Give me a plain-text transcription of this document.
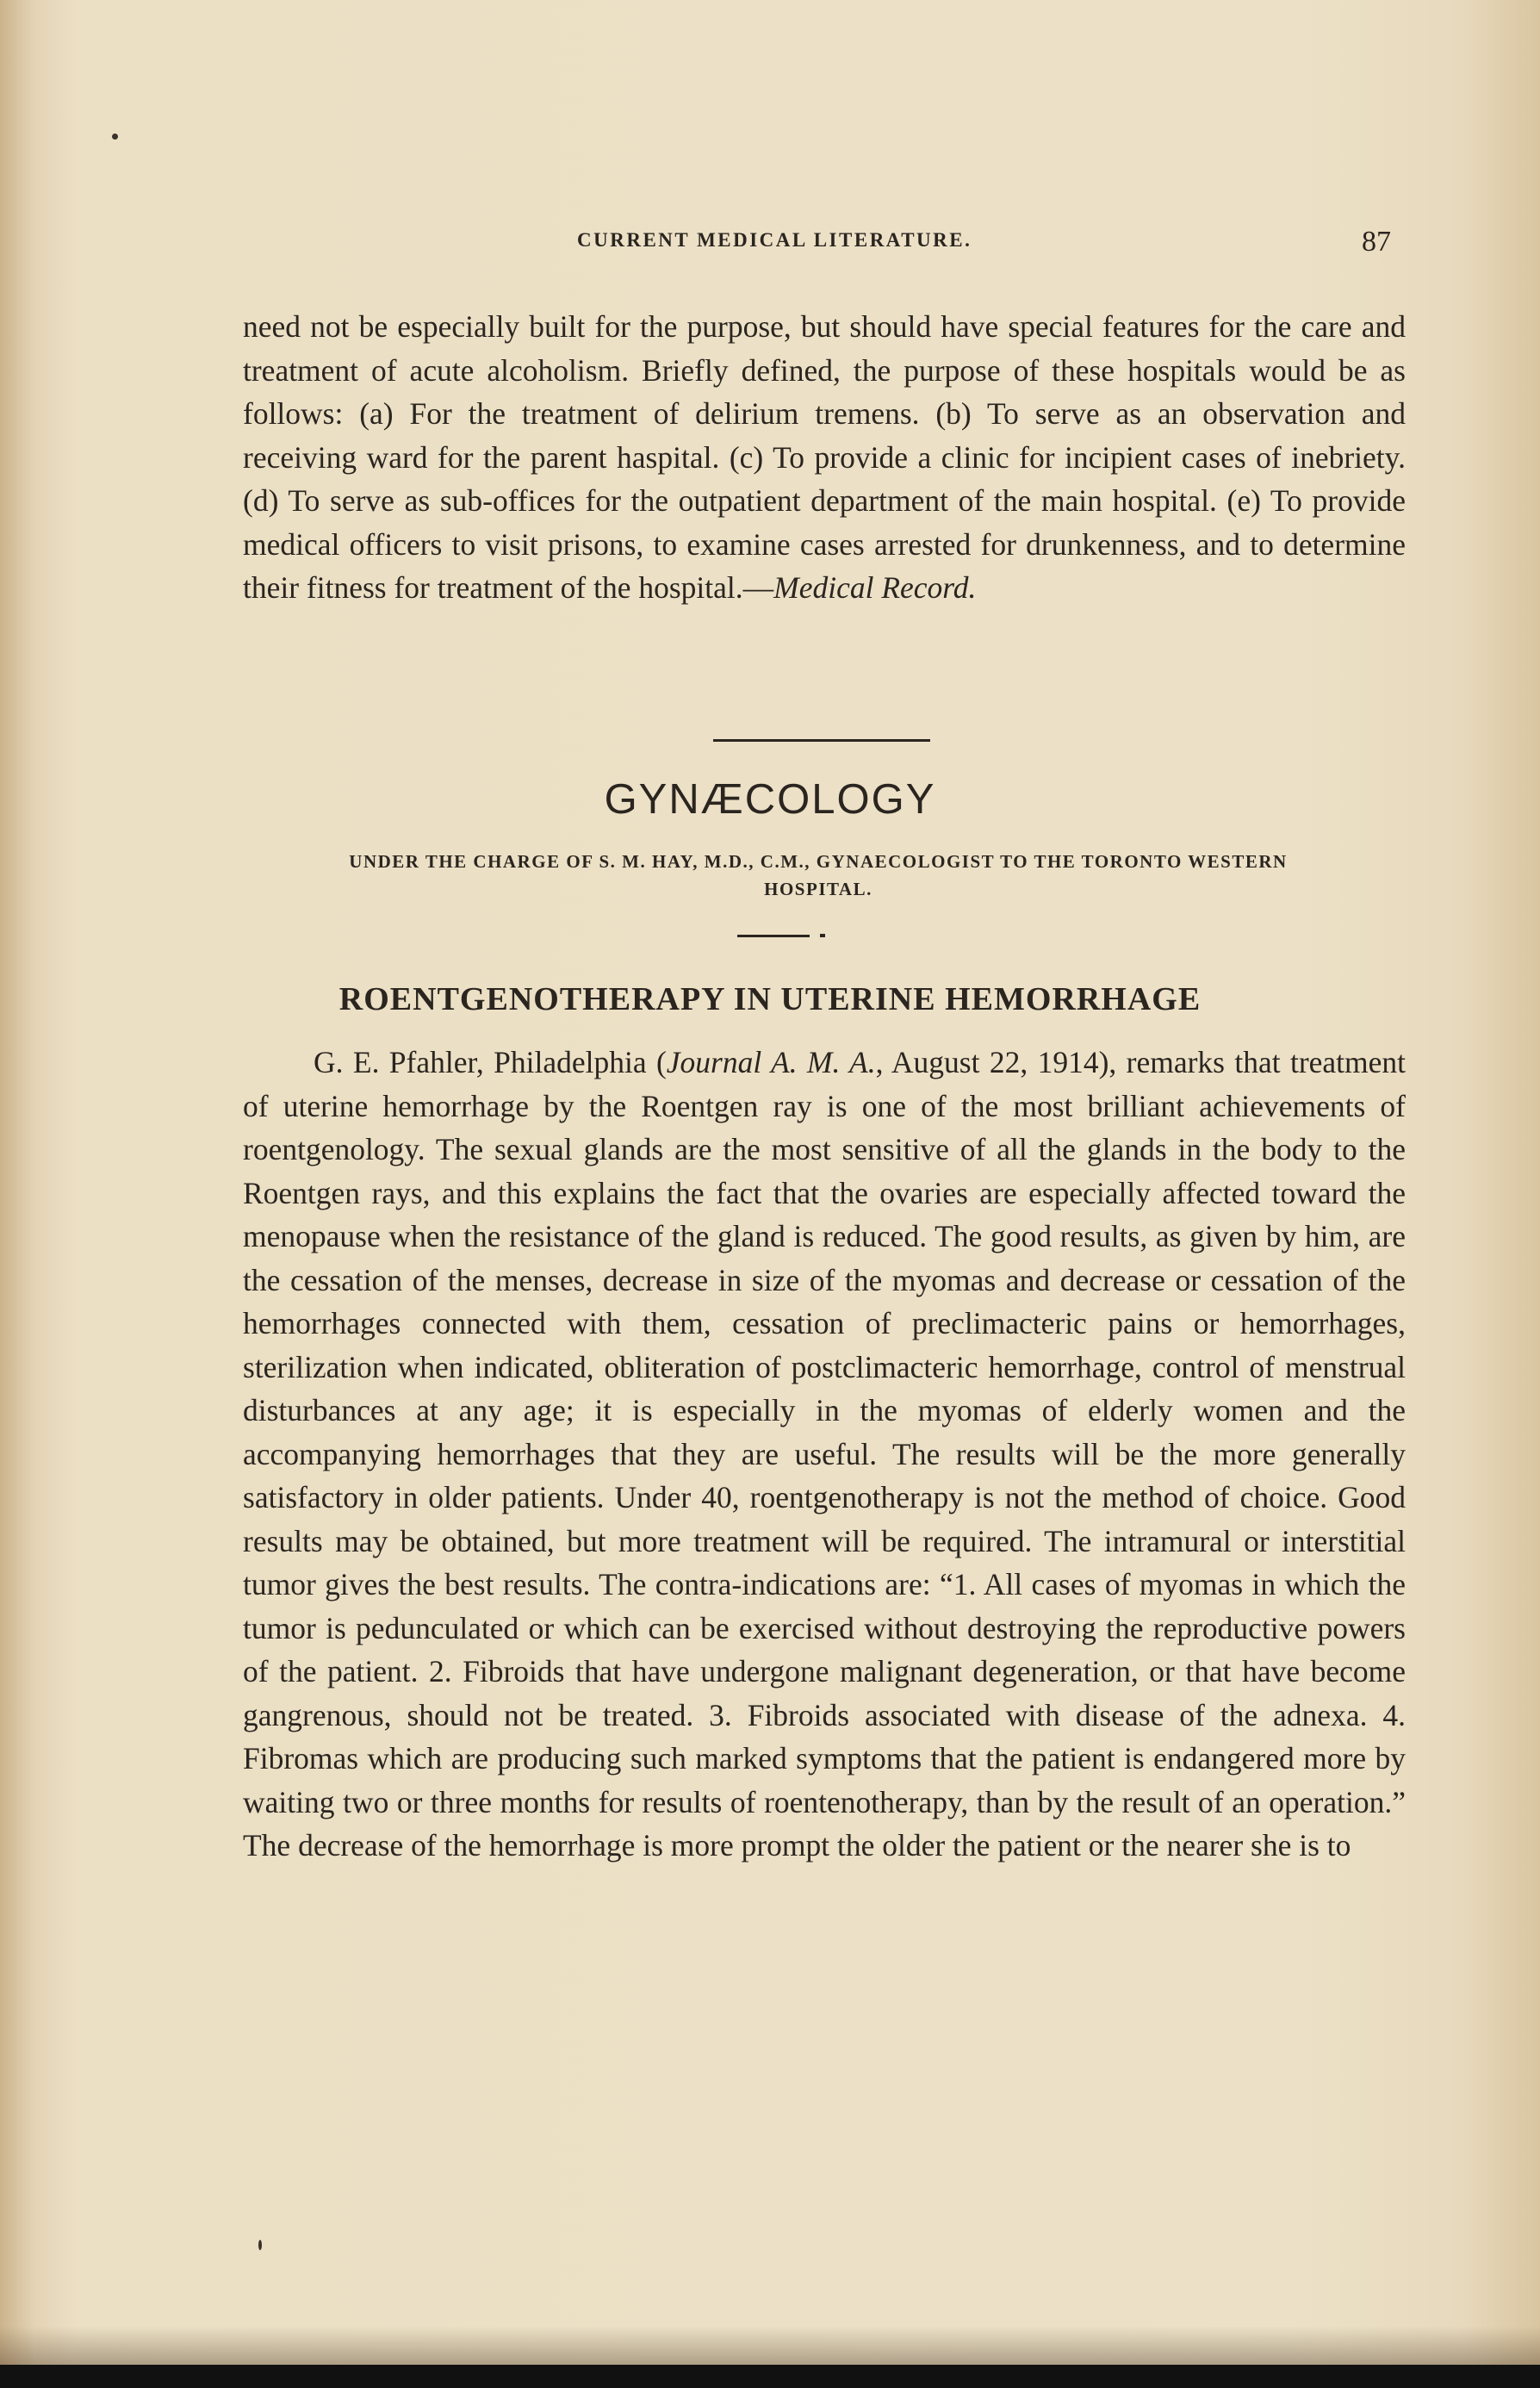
CURRENT MEDICAL LITERATURE.	87

need not be especially built for the purpose, but should have special features for the care and treatment of acute alcoholism. Briefly defined, the purpose of these hospitals would be as follows: (a) For the treatment of delirium tremens. (b) To serve as an observation and receiving ward for the parent haspital. (c) To provide a clinic for incipient cases of inebriety. (d) To serve as sub-offices for the outpatient department of the main hospital. (e) To provide medical officers to visit prisons, to examine cases arrested for drunkenness, and to determine their fitness for treatment of the hospital.—Medical Record.

GYNÆCOLOGY
UNDER THE CHARGE OF S. M. HAY, M.D., C.M., GYNAECOLOGIST TO THE TORONTO WESTERN HOSPITAL.
ROENTGENOTHERAPY IN UTERINE HEMORRHAGE

G. E. Pfahler, Philadelphia (Journal A. M. A., August 22, 1914), remarks that treatment of uterine hemorrhage by the Roentgen ray is one of the most brilliant achievements of roentgenology. The sexual glands are the most sensitive of all the glands in the body to the Roentgen rays, and this explains the fact that the ovaries are especially affected toward the menopause when the resistance of the gland is reduced. The good results, as given by him, are the cessation of the menses, decrease in size of the myomas and decrease or cessation of the hemorrhages connected with them, cessation of preclimacteric pains or hemorrhages, sterilization when indicated, obliteration of postclimacteric hemorrhage, control of menstrual disturbances at any age; it is especially in the myomas of elderly women and the accompanying hemorrhages that they are useful. The results will be the more generally satisfactory in older patients. Under 40, roentgenotherapy is not the method of choice. Good results may be obtained, but more treatment will be required. The intramural or interstitial tumor gives the best results. The contra-indications are: “1. All cases of myomas in which the tumor is pedunculated or which can be exercised without destroying the reproductive powers of the patient. 2. Fibroids that have undergone malignant degeneration, or that have become gangrenous, should not be treated. 3. Fibroids associated with disease of the adnexa. 4. Fibromas which are producing such marked symptoms that the patient is endangered more by waiting two or three months for results of roentenotherapy, than by the result of an operation.” The decrease of the hemorrhage is more prompt the older the patient or the nearer she is to
